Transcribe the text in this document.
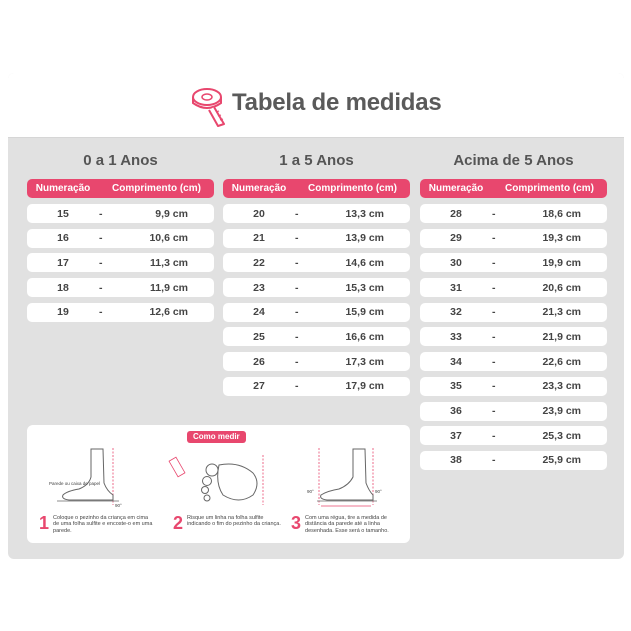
Tabela de medidas
0 a 1 Anos
Numeração	Comprimento (cm)
15	-	9,9 cm
16	-	10,6 cm
17	-	11,3 cm
18	-	11,9 cm
19	-	12,6 cm
1 a 5 Anos
Numeração	Comprimento (cm)
20	-	13,3 cm
21	-	13,9 cm
22	-	14,6 cm
23	-	15,3 cm
24	-	15,9 cm
25	-	16,6 cm
26	-	17,3 cm
27	-	17,9 cm
Acima de 5 Anos
Numeração	Comprimento (cm)
28	-	18,6 cm
29	-	19,3 cm
30	-	19,9 cm
31	-	20,6 cm
32	-	21,3 cm
33	-	21,9 cm
34	-	22,6 cm
35	-	23,3 cm
36	-	23,9 cm
37	-	25,3 cm
38	-	25,9 cm
Como medir
Parede ou caixa de papel
90°
90°	90°
1 Coloque o pezinho da criança em cima de uma folha sulfite e encoste-o em uma parede.	2 Risque um linha na folha sulfite indicando o fim do pezinho da criança. 3 Com uma régua, tire a medida de distância da parede até a linha desenhada. Esse será o tamanho.
